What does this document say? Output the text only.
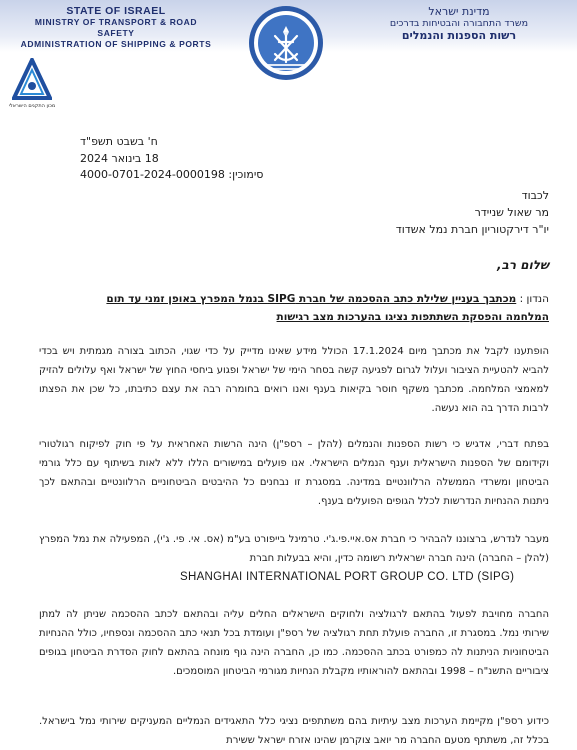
STATE OF ISRAEL
MINISTRY OF TRANSPORT & ROAD SAFETY
ADMINISTRATION OF SHIPPING & PORTS
מדינת ישראל
משרד התחבורה והבטיחות בדרכים
רשות הספנות והנמלים
מכון התקנים הישראלי
ח' בשבט תשפ"ד
18 בינואר 2024
סימוכין: 4000-0701-2024-0000198
לכבוד
מר שאול שניידר
יו"ר דירקטוריון חברת נמל אשדוד
שלום רב,
הנדון : מכתבך בעניין שלילת כתב ההסכמה של חברת SIPG בנמל המפרץ באופן זמני עד תום
המלחמה והפסקת השתתפות נציגו בהערכות מצב רגישות
הופתענו לקבל את מכתבך מיום 17.1.2024 הכולל מידע שאינו מדייק על כדי שגוי, הכתוב בצורה מגמתית ויש בכדי להביא להטעיית הציבור ועלול לגרום לפגיעה קשה בסחר הימי של ישראל ופגוע ביחסי החוץ של ישראל ואף עלולים להזיק למאמצי המלחמה. מכתבך משקף חוסר בקיאות בענף ואנו רואים בחומרה רבה את עצם כתיבתו, כל שכן את הפצתו לרבות הדרך בה הוא נעשה.
בפתח דברי, אדגיש כי רשות הספנות והנמלים (להלן – רספ"ן) הינה הרשות האחראית על פי חוק לפיקוח רגולטורי וקידומם של הספנות הישראלית וענף הנמלים הישראלי. אנו פועלים במישורים הללו ללא לאות בשיתוף עם כלל גורמי הביטחון ומשרדי הממשלה הרלוונטיים במדינה. במסגרת זו נבחנים כל ההיבטים הביטחוניים הרלוונטיים ובהתאם לכך ניתנות ההנחיות הנדרשות לכלל הגופים הפועלים בענף.
מעבר לנדרש, ברצוננו להבהיר כי חברת אס.איי.פי.ג'י. טרמינל בייפורט בע"מ (אס. אי. פי. ג'י), המפעילה את נמל המפרץ (להלן – החברה) הינה חברה ישראלית רשומה כדין, והיא בבעלות חברת
SHANGHAI INTERNATIONAL PORT GROUP CO. LTD (SIPG)
החברה מחויבת לפעול בהתאם לרגולציה ולחוקים הישראלים החלים עליה ובהתאם לכתב ההסכמה שניתן לה למתן שירותי נמל. במסגרת זו, החברה פועלת תחת רגולציה של רספ"ן ועומדת בכל תנאי כתב ההסכמה ונספחיו, כולל ההנחיות הביטחוניות הניתנות לה כמפורט בכתב ההסכמה. כמו כן, החברה הינה גוף מונחה בהתאם לחוק הסדרת הביטחון בגופים ציבוריים התשנ"ח – 1998 ובהתאם להוראותיו מקבלת הנחיות מגורמי הביטחון המוסמכים.
כידוע רספ"ן מקיימת הערכות מצב עיתיות בהם משתתפים נציגי כלל התאגידים הנמליים המעניקים שירותי נמל בישראל. בכלל זה, משתתף מטעם החברה מר יואב צוקרמן שהינו אזרח ישראל ששירת
